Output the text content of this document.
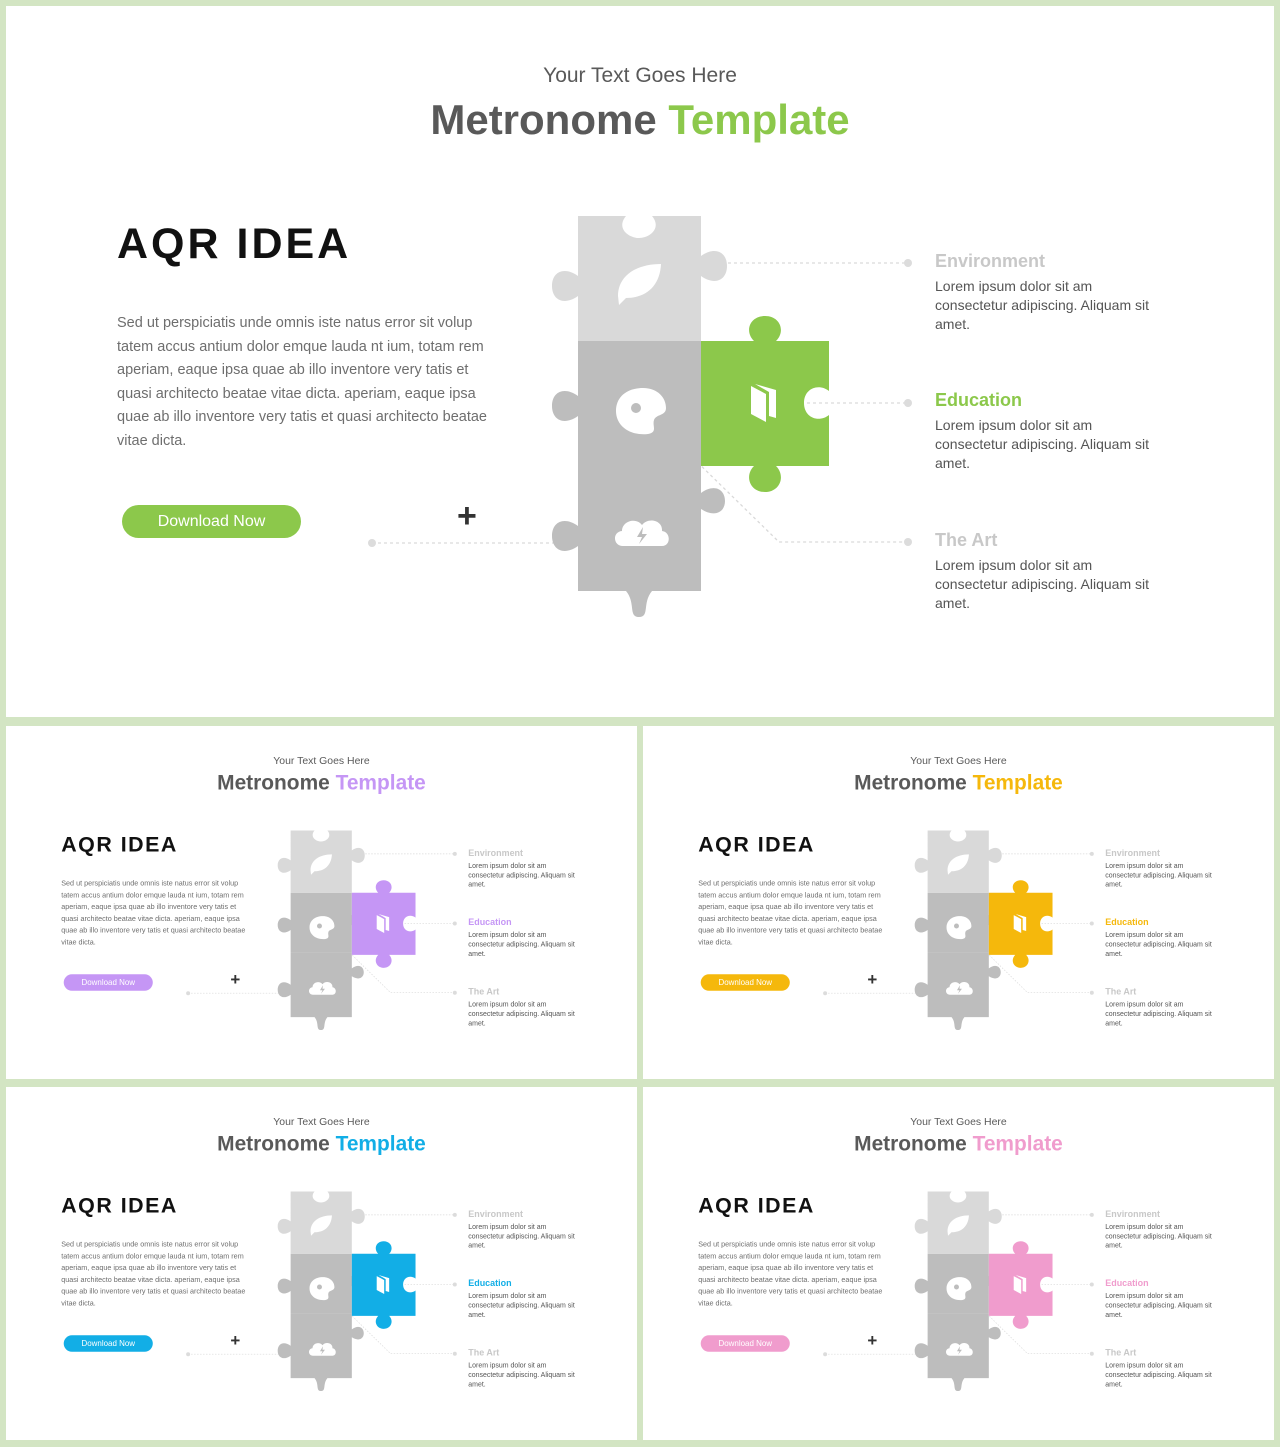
Your Text Goes Here
Metronome Template
AQR IDEA
Sed ut perspiciatis unde omnis iste natus error sit volup tatem accus antium dolor emque lauda nt ium, totam rem aperiam, eaque ipsa quae ab illo inventore very tatis et quasi architecto beatae vitae dicta. aperiam, eaque ipsa quae ab illo inventore very tatis et quasi architecto beatae vitae dicta.
Download Now	+
Environment
Lorem ipsum dolor sit am consectetur adipiscing. Aliquam sit amet.
Education
Lorem ipsum dolor sit am consectetur adipiscing. Aliquam sit amet.
The Art
Lorem ipsum dolor sit am consectetur adipiscing. Aliquam sit amet.
Your Text Goes Here
Metronome Template
AQR IDEA
Sed ut perspiciatis unde omnis iste natus error sit volup tatem accus antium dolor emque lauda nt ium, totam rem aperiam, eaque ipsa quae ab illo inventore very tatis et quasi architecto beatae vitae dicta. aperiam, eaque ipsa quae ab illo inventore very tatis et quasi architecto beatae vitae dicta.
Download Now	+
Environment
Lorem ipsum dolor sit am consectetur adipiscing. Aliquam sit amet.
Education
Lorem ipsum dolor sit am consectetur adipiscing. Aliquam sit amet.
The Art
Lorem ipsum dolor sit am consectetur adipiscing. Aliquam sit amet.
Your Text Goes Here
Metronome Template
AQR IDEA
Sed ut perspiciatis unde omnis iste natus error sit volup tatem accus antium dolor emque lauda nt ium, totam rem aperiam, eaque ipsa quae ab illo inventore very tatis et quasi architecto beatae vitae dicta. aperiam, eaque ipsa quae ab illo inventore very tatis et quasi architecto beatae vitae dicta.
Download Now	+
Environment
Lorem ipsum dolor sit am consectetur adipiscing. Aliquam sit amet.
Education
Lorem ipsum dolor sit am consectetur adipiscing. Aliquam sit amet.
The Art
Lorem ipsum dolor sit am consectetur adipiscing. Aliquam sit amet.
Your Text Goes Here
Metronome Template
AQR IDEA
Sed ut perspiciatis unde omnis iste natus error sit volup tatem accus antium dolor emque lauda nt ium, totam rem aperiam, eaque ipsa quae ab illo inventore very tatis et quasi architecto beatae vitae dicta. aperiam, eaque ipsa quae ab illo inventore very tatis et quasi architecto beatae vitae dicta.
Download Now	+
Environment
Lorem ipsum dolor sit am consectetur adipiscing. Aliquam sit amet.
Education
Lorem ipsum dolor sit am consectetur adipiscing. Aliquam sit amet.
The Art
Lorem ipsum dolor sit am consectetur adipiscing. Aliquam sit amet.
Your Text Goes Here
Metronome Template
AQR IDEA
Sed ut perspiciatis unde omnis iste natus error sit volup tatem accus antium dolor emque lauda nt ium, totam rem aperiam, eaque ipsa quae ab illo inventore very tatis et quasi architecto beatae vitae dicta. aperiam, eaque ipsa quae ab illo inventore very tatis et quasi architecto beatae vitae dicta.
Download Now	+
Environment
Lorem ipsum dolor sit am consectetur adipiscing. Aliquam sit amet.
Education
Lorem ipsum dolor sit am consectetur adipiscing. Aliquam sit amet.
The Art
Lorem ipsum dolor sit am consectetur adipiscing. Aliquam sit amet.
